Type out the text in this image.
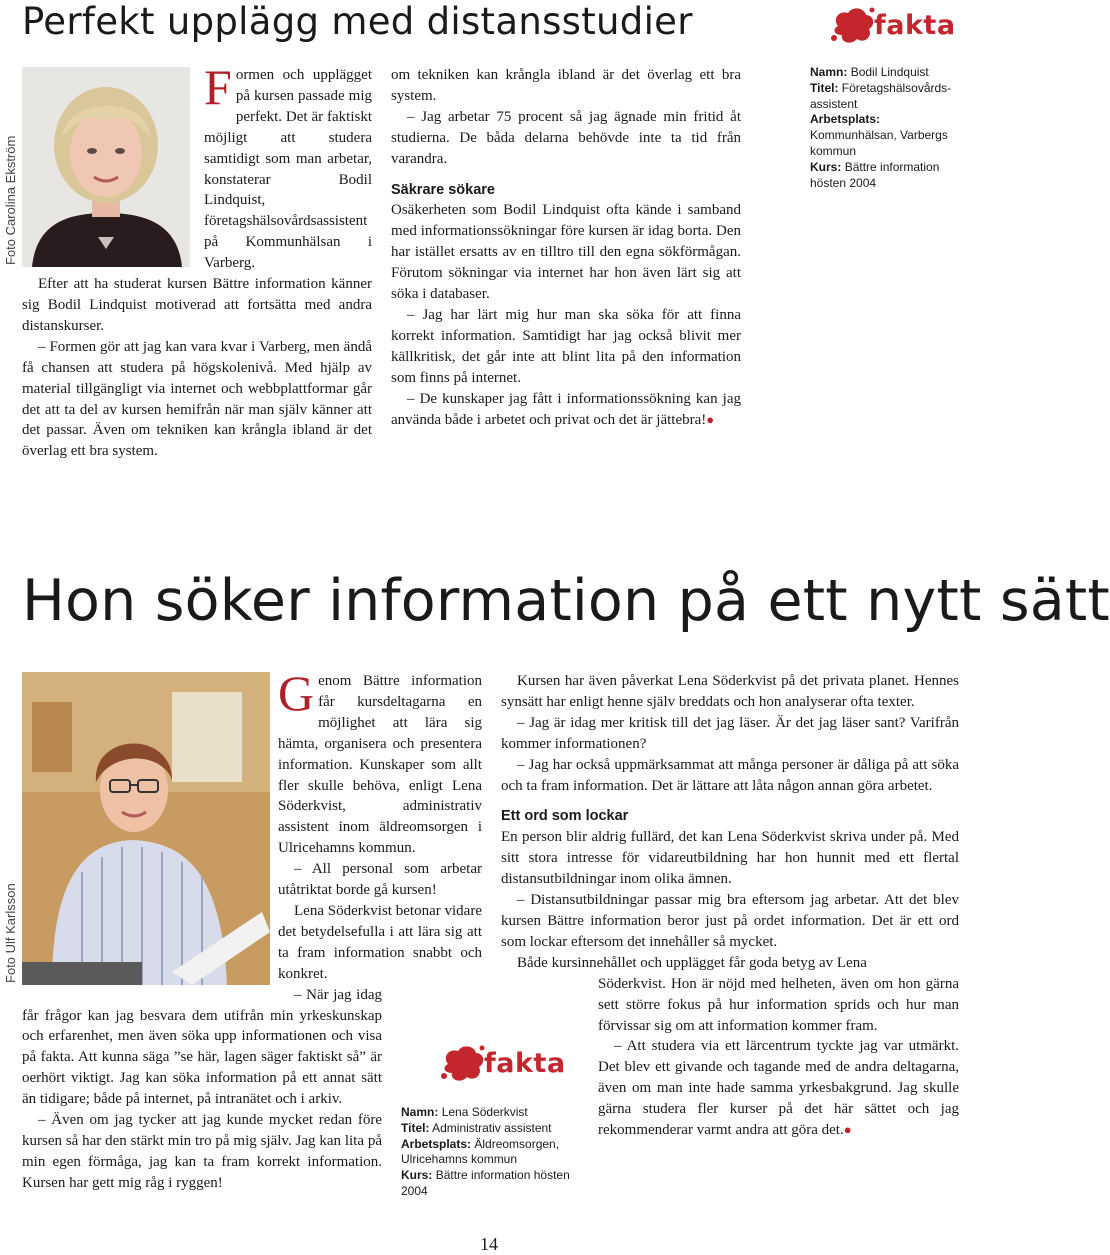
Perfekt upplägg med distansstudier	fakta
Foto Carolina Ekström

Formen och upplägget på kursen passade mig perfekt. Det är faktiskt möjligt att studera samtidigt som man arbetar, konstaterar Bodil Lindquist, företagshälsovårdsassistent på Kommunhälsan i Varberg.

Efter att ha studerat kursen Bättre information känner sig Bodil Lindquist motiverad att fortsätta med andra distanskurser.

– Formen gör att jag kan vara kvar i Varberg, men ändå få chansen att studera på högskolenivå. Med hjälp av material tillgängligt via internet och webbplattformar går det att ta del av kursen hemifrån när man själv känner att det passar. Även om tekniken kan krångla ibland är det överlag ett bra system.

om tekniken kan krångla ibland är det överlag ett bra system.

– Jag arbetar 75 procent så jag ägnade min fritid åt studierna. De båda delarna behövde inte ta tid från varandra.

Säkrare sökare

Osäkerheten som Bodil Lindquist ofta kände i samband med informationssökningar före kursen är idag borta. Den har istället ersatts av en tilltro till den egna sökförmågan. Förutom sökningar via internet har hon även lärt sig att söka i databaser.

– Jag har lärt mig hur man ska söka för att finna korrekt information. Samtidigt har jag också blivit mer källkritisk, det går inte att blint lita på den information som finns på internet.

– De kunskaper jag fått i informationssökning kan jag använda både i arbetet och privat och det är jättebra!●

Namn: Bodil Lindquist
Titel: Företagshälsovårds-assistent
Arbetsplats:
Kommunhälsan, Varbergs kommun
Kurs: Bättre information hösten 2004
Hon söker information på ett nytt sätt
Foto Ulf Karlsson

Genom Bättre information får kursdeltagarna en möjlighet att lära sig hämta, organisera och presentera information. Kunskaper som allt fler skulle behöva, enligt Lena Söderkvist, administrativ assistent inom äldreomsorgen i Ulricehamns kommun.

– All personal som arbetar utåtriktat borde gå kursen!

Lena Söderkvist betonar vidare det betydelsefulla i att lära sig att ta fram information snabbt och konkret.

– När jag idag får frågor kan jag besvara dem utifrån min yrkeskunskap och erfarenhet, men även söka upp informationen och visa på fakta. Att kunna säga ”se här, lagen säger faktiskt så” är oerhört viktigt. Jag kan söka information på ett annat sätt än tidigare; både på internet, på intranätet och i arkiv.

– Även om jag tycker att jag kunde mycket redan före kursen så har den stärkt min tro på mig själv. Jag kan lita på min egen förmåga, jag kan ta fram korrekt information. Kursen har gett mig råg i ryggen!

fakta
Namn: Lena Söderkvist
Titel: Administrativ assistent
Arbetsplats: Äldreomsorgen, Ulricehamns kommun
Kurs: Bättre information hösten 2004

Kursen har även påverkat Lena Söderkvist på det privata planet. Hennes synsätt har enligt henne själv breddats och hon analyserar ofta texter.

– Jag är idag mer kritisk till det jag läser. Är det jag läser sant? Varifrån kommer informationen?

– Jag har också uppmärksammat att många personer är dåliga på att söka och ta fram information. Det är lättare att låta någon annan göra arbetet.

Ett ord som lockar

En person blir aldrig fullärd, det kan Lena Söderkvist skriva under på. Med sitt stora intresse för vidareutbildning har hon hunnit med ett flertal distansutbildningar inom olika ämnen.

– Distansutbildningar passar mig bra eftersom jag arbetar. Att det blev kursen Bättre information beror just på ordet information. Det är ett ord som lockar eftersom det innehåller så mycket.

Både kursinnehållet och upplägget får goda betyg av Lena

Söderkvist. Hon är nöjd med helheten, även om hon gärna sett större fokus på hur information sprids och hur man förvissar sig om att information kommer fram.

– Att studera via ett lärcentrum tyckte jag var utmärkt. Det blev ett givande och tagande med de andra deltagarna, även om man inte hade samma yrkesbakgrund. Jag skulle gärna studera fler kurser på det här sättet och jag rekommenderar varmt andra att göra det.●

14
